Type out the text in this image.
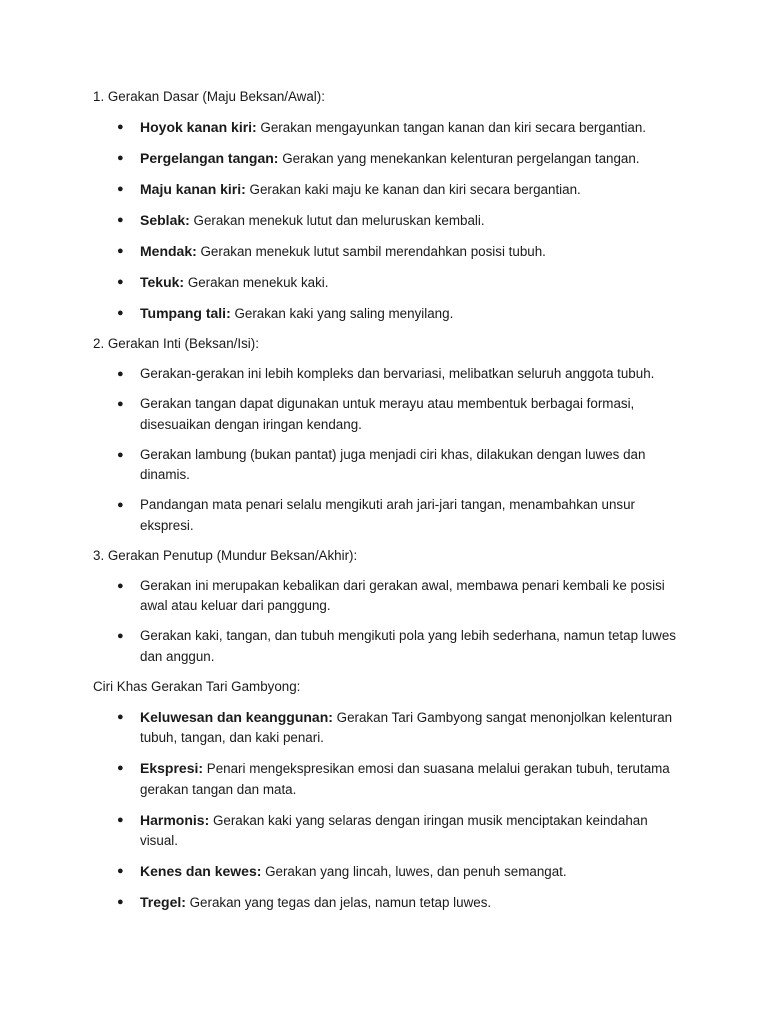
1. Gerakan Dasar (Maju Beksan/Awal):
● Hoyok kanan kiri: Gerakan mengayunkan tangan kanan dan kiri secara bergantian.
● Pergelangan tangan: Gerakan yang menekankan kelenturan pergelangan tangan.
● Maju kanan kiri: Gerakan kaki maju ke kanan dan kiri secara bergantian.
● Seblak: Gerakan menekuk lutut dan meluruskan kembali.
● Mendak: Gerakan menekuk lutut sambil merendahkan posisi tubuh.
● Tekuk: Gerakan menekuk kaki.
● Tumpang tali: Gerakan kaki yang saling menyilang.
2. Gerakan Inti (Beksan/Isi):
● Gerakan-gerakan ini lebih kompleks dan bervariasi, melibatkan seluruh anggota tubuh.
● Gerakan tangan dapat digunakan untuk merayu atau membentuk berbagai formasi, disesuaikan dengan iringan kendang.
● Gerakan lambung (bukan pantat) juga menjadi ciri khas, dilakukan dengan luwes dan dinamis.
● Pandangan mata penari selalu mengikuti arah jari-jari tangan, menambahkan unsur ekspresi.
3. Gerakan Penutup (Mundur Beksan/Akhir):
● Gerakan ini merupakan kebalikan dari gerakan awal, membawa penari kembali ke posisi awal atau keluar dari panggung.
● Gerakan kaki, tangan, dan tubuh mengikuti pola yang lebih sederhana, namun tetap luwes dan anggun.
Ciri Khas Gerakan Tari Gambyong:
● Keluwesan dan keanggunan: Gerakan Tari Gambyong sangat menonjolkan kelenturan tubuh, tangan, dan kaki penari.
● Ekspresi: Penari mengekspresikan emosi dan suasana melalui gerakan tubuh, terutama gerakan tangan dan mata.
● Harmonis: Gerakan kaki yang selaras dengan iringan musik menciptakan keindahan visual.
● Kenes dan kewes: Gerakan yang lincah, luwes, dan penuh semangat.
● Tregel: Gerakan yang tegas dan jelas, namun tetap luwes.
